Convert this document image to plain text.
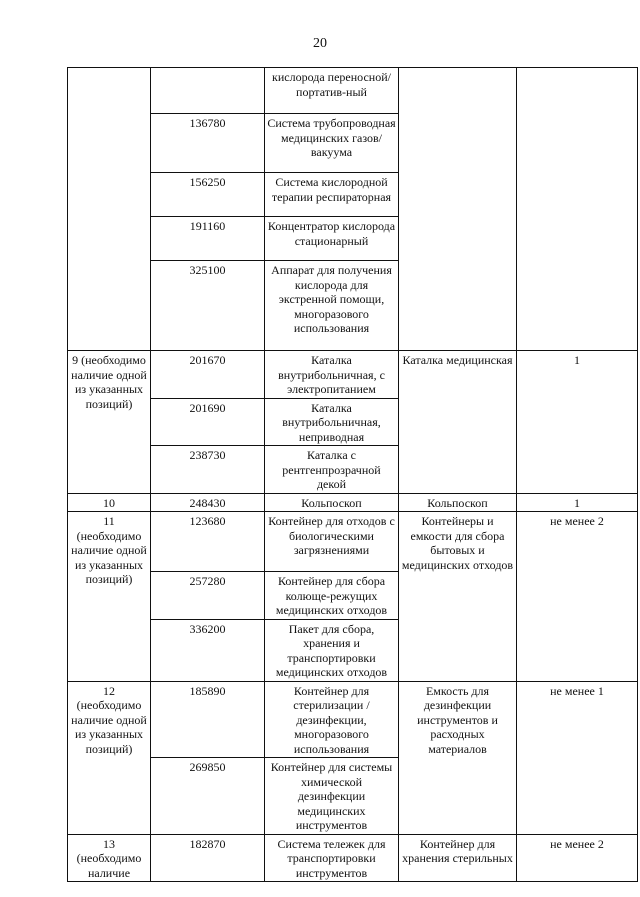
20
		кислорода переносной/портатив-ный		
	136780	Система трубопроводная медицинских газов/вакуума		
	156250	Система кислородной терапии респираторная		
	191160	Концентратор кислорода стационарный		
	325100	Аппарат для получения кислорода для экстренной помощи, многоразового использования		
9 (необходимо наличие одной из указанных позиций)	201670	Каталка внутрибольничная, с электропитанием	Каталка медицинская	1
	201690	Каталка внутрибольничная, неприводная		
	238730	Каталка с рентгенпрозрачной декой		
10	248430	Кольпоскоп	Кольпоскоп	1
11 (необходимо наличие одной из указанных позиций)	123680	Контейнер для отходов с биологическими загрязнениями	Контейнеры и емкости для сбора бытовых и медицинских отходов	не менее 2
	257280	Контейнер для сбора колюще-режущих медицинских отходов		
	336200	Пакет для сбора, хранения и транспортировки медицинских отходов		
12 (необходимо наличие одной из указанных позиций)	185890	Контейнер для стерилизации /дезинфекции, многоразового использования	Емкость для дезинфекции инструментов и расходных материалов	не менее 1
	269850	Контейнер для системы химической дезинфекции медицинских инструментов		
13 (необходимо наличие	182870	Система тележек для транспортировки инструментов	Контейнер для хранения стерильных	не менее 2
